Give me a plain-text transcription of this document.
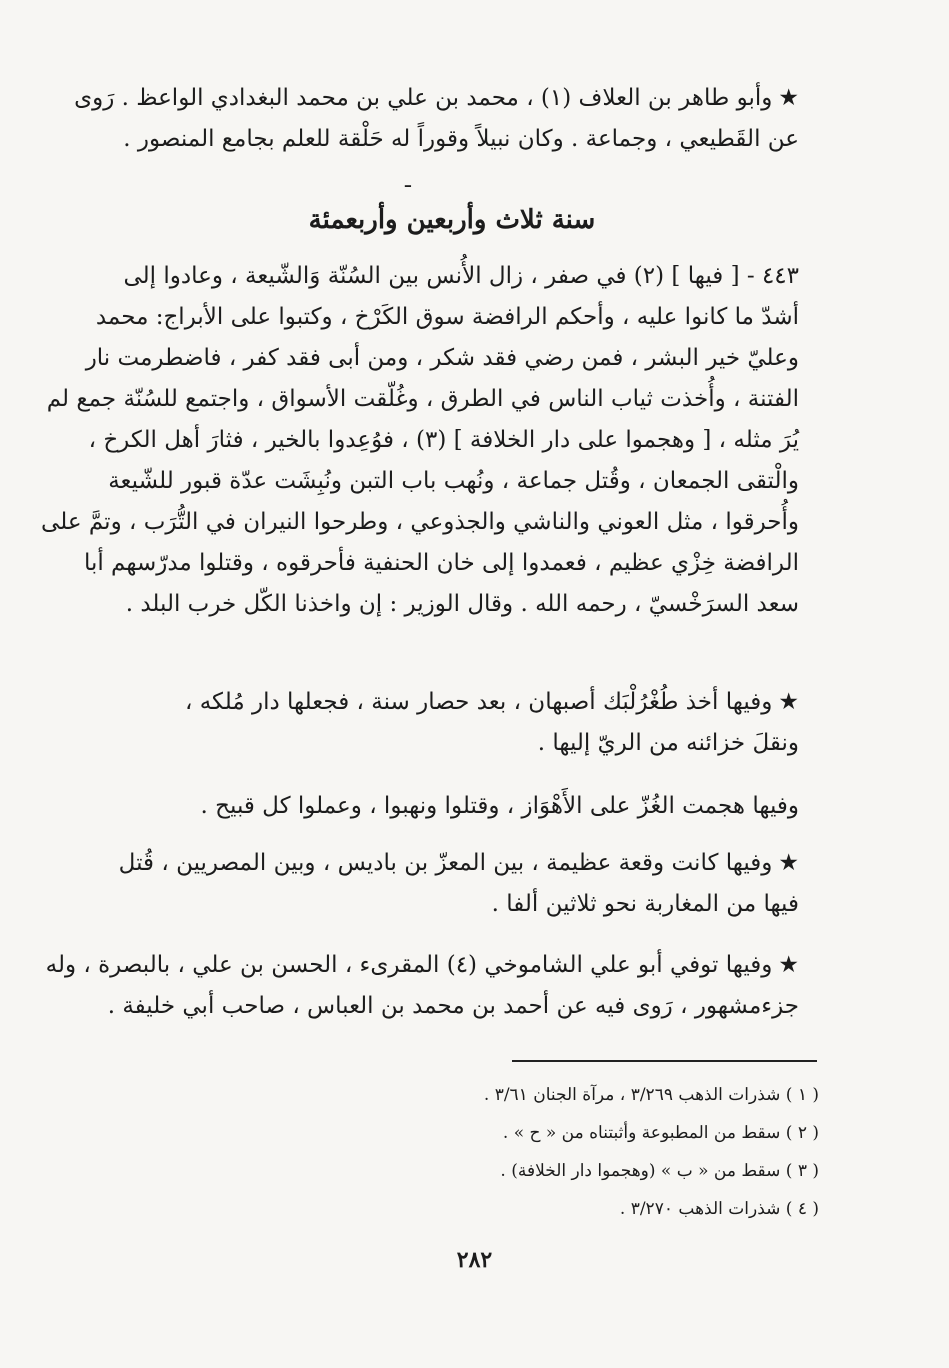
★وأبو طاهر بن العلاف (١) ، محمد بن علي بن محمد البغدادي الواعظ . رَوى
عن القَطيعي ، وجماعة . وكان نبيلاً وقوراً له حَلْقة للعلم بجامع المنصور .
ـ
سنة ثلاث وأربعين وأربعمئة
٤٤٣ - [ فيها ] (٢) في صفر ، زال الأُنس بين السُنّة وَالشّيعة ، وعادوا إلى
أشدّ ما كانوا عليه ، وأحكم الرافضة سوق الكَرْخ ، وكتبوا على الأبراج: محمد
وعليّ خير البشر ، فمن رضي فقد شكر ، ومن أبى فقد كفر ، فاضطرمت نار
الفتنة ، وأُخذت ثياب الناس في الطرق ، وغُلّقت الأسواق ، واجتمع للسُنّة جمع لم
يُرَ مثله ، [ وهجموا على دار الخلافة ] (٣) ، فوُعِدوا بالخير ، فثارَ أهل الكرخ ،
والْتقى الجمعان ، وقُتل جماعة ، ونُهب باب التبن ونُبِشَت عدّة قبور للشّيعة
وأُحرقوا ، مثل العوني والناشي والجذوعي ، وطرحوا النيران في التُّرَب ، وتمَّ على
الرافضة خِزْي عظيم ، فعمدوا إلى خان الحنفية فأحرقوه ، وقتلوا مدرّسهم أبا
سعد السرَخْسيّ ، رحمه الله . وقال الوزير : إن واخذنا الكّل خرب البلد .
★وفيها أخذ طُغْرُلْبَك أصبهان ، بعد حصار سنة ، فجعلها دار مُلكه ،
ونقلَ خزائنه من الريّ إليها .
وفيها هجمت الغُزّ على الأَهْوَاز ، وقتلوا ونهبوا ، وعملوا كل قبيح .
★وفيها كانت وقعة عظيمة ، بين المعزّ بن باديس ، وبين المصريين ، قُتل
فيها من المغاربة نحو ثلاثين ألفا .
★وفيها توفي أبو علي الشاموخي (٤) المقرىء ، الحسن بن علي ، بالبصرة ، وله
جزءمشهور ، رَوى فيه عن أحمد بن محمد بن العباس ، صاحب أبي خليفة .
( ١ ) شذرات الذهب ٣/٢٦٩ ، مرآة الجنان ٣/٦١ .
( ٢ ) سقط من المطبوعة وأثبتناه من « ح » .
( ٣ ) سقط من « ب » (وهجموا دار الخلافة) .
( ٤ ) شذرات الذهب ٣/٢٧٠ .
٢٨٢
